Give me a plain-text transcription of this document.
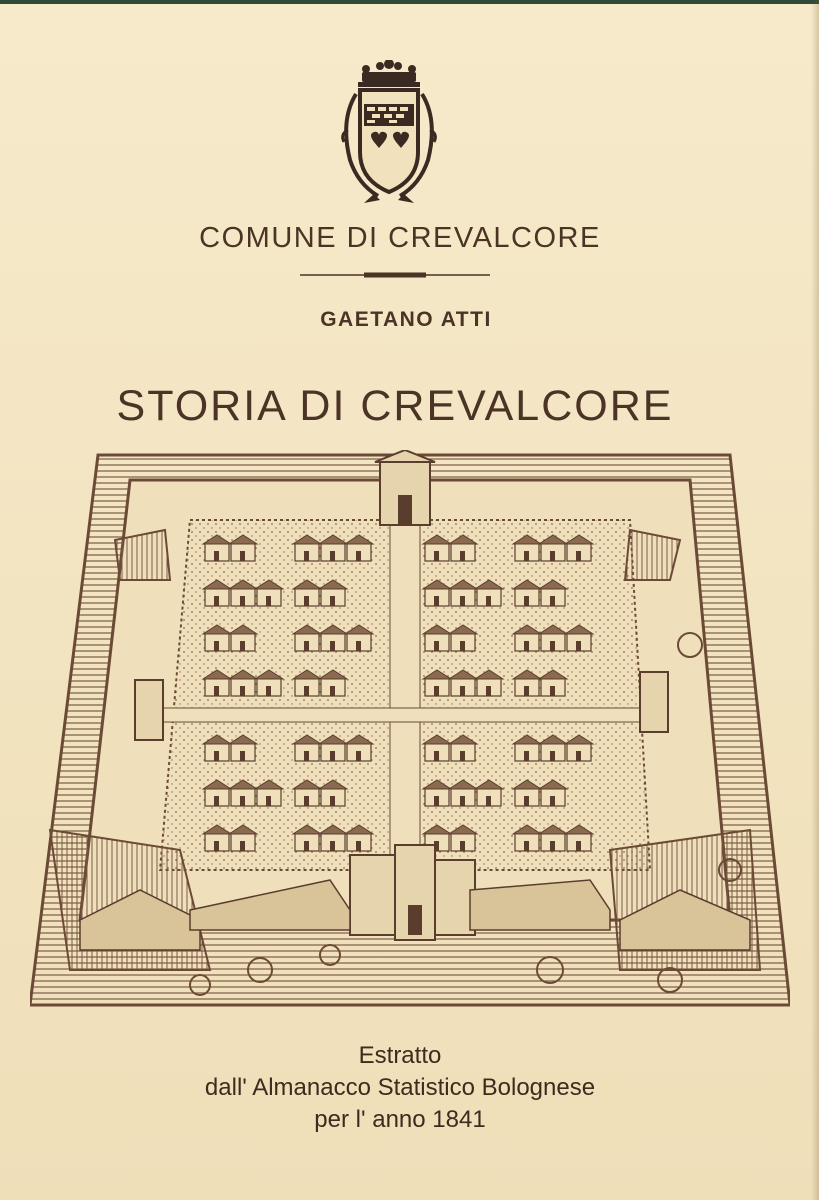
COMUNE DI CREVALCORE
GAETANO ATTI
STORIA DI CREVALCORE
Estratto
dall' Almanacco Statistico Bolognese
per l' anno 1841
